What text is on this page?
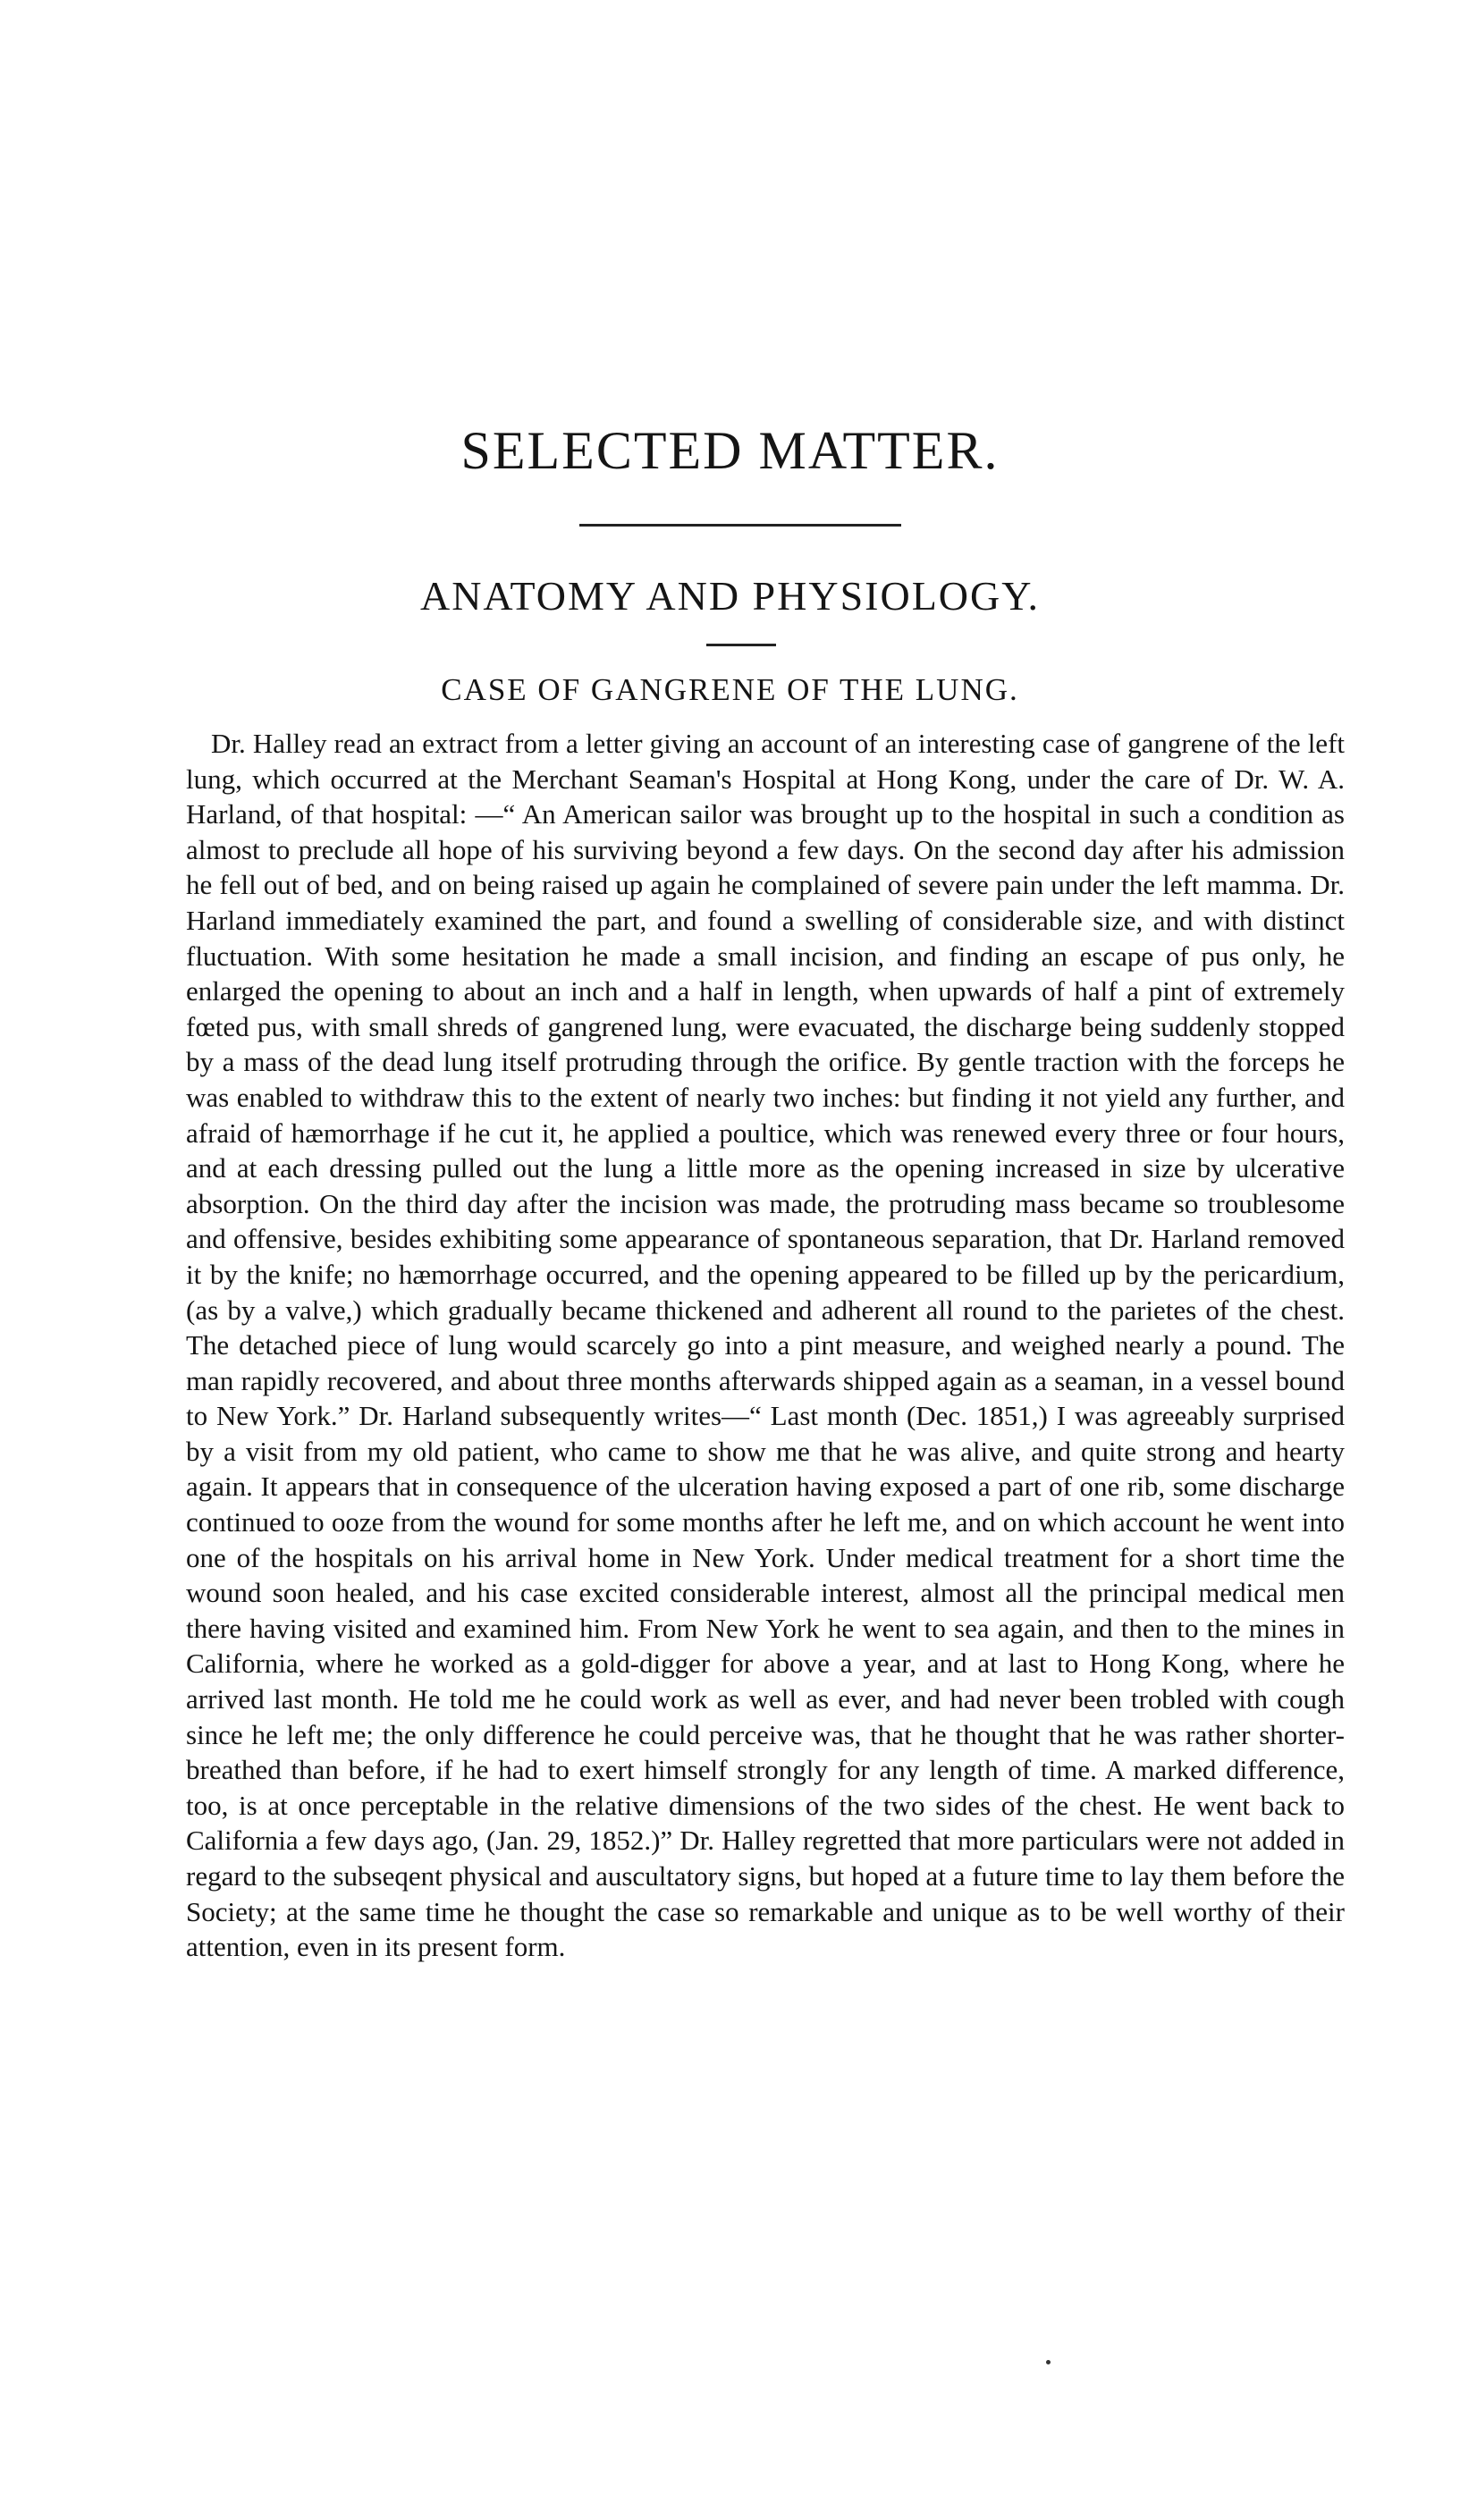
SELECTED MATTER.
ANATOMY AND PHYSIOLOGY.
CASE OF GANGRENE OF THE LUNG.

Dr. Halley read an extract from a letter giving an account of an interesting case of gangrene of the left lung, which occurred at the Merchant Seaman's Hospital at Hong Kong, under the care of Dr. W. A. Harland, of that hospital: —“ An American sailor was brought up to the hospital in such a condition as almost to preclude all hope of his surviving beyond a few days. On the second day after his admission he fell out of bed, and on being raised up again he complained of severe pain under the left mamma. Dr. Harland immediately examined the part, and found a swelling of considerable size, and with distinct fluctuation. With some hesitation he made a small incision, and finding an escape of pus only, he enlarged the opening to about an inch and a half in length, when upwards of half a pint of extremely fœted pus, with small shreds of gangrened lung, were evacuated, the discharge being suddenly stopped by a mass of the dead lung itself protruding through the orifice. By gentle traction with the forceps he was enabled to withdraw this to the extent of nearly two inches: but finding it not yield any further, and afraid of hæmorrhage if he cut it, he applied a poultice, which was renewed every three or four hours, and at each dressing pulled out the lung a little more as the opening increased in size by ulcerative absorption. On the third day after the incision was made, the protruding mass became so troublesome and offensive, besides exhibiting some appearance of spontaneous separation, that Dr. Harland removed it by the knife; no hæmorrhage occurred, and the opening appeared to be filled up by the pericardium, (as by a valve,) which gradually became thickened and adherent all round to the parietes of the chest. The detached piece of lung would scarcely go into a pint measure, and weighed nearly a pound. The man rapidly recovered, and about three months afterwards shipped again as a seaman, in a vessel bound to New York.” Dr. Harland subsequently writes—“ Last month (Dec. 1851,) I was agreeably surprised by a visit from my old patient, who came to show me that he was alive, and quite strong and hearty again. It appears that in consequence of the ulceration having exposed a part of one rib, some discharge continued to ooze from the wound for some months after he left me, and on which account he went into one of the hospitals on his arrival home in New York. Under medical treatment for a short time the wound soon healed, and his case excited considerable interest, almost all the principal medical men there having visited and examined him. From New York he went to sea again, and then to the mines in California, where he worked as a gold-digger for above a year, and at last to Hong Kong, where he arrived last month. He told me he could work as well as ever, and had never been trobled with cough since he left me; the only difference he could perceive was, that he thought that he was rather shorter-breathed than before, if he had to exert himself strongly for any length of time. A marked difference, too, is at once perceptable in the relative dimensions of the two sides of the chest. He went back to California a few days ago, (Jan. 29, 1852.)” Dr. Halley regretted that more particulars were not added in regard to the subseqent physical and auscultatory signs, but hoped at a future time to lay them before the Society; at the same time he thought the case so remarkable and unique as to be well worthy of their attention, even in its present form.
